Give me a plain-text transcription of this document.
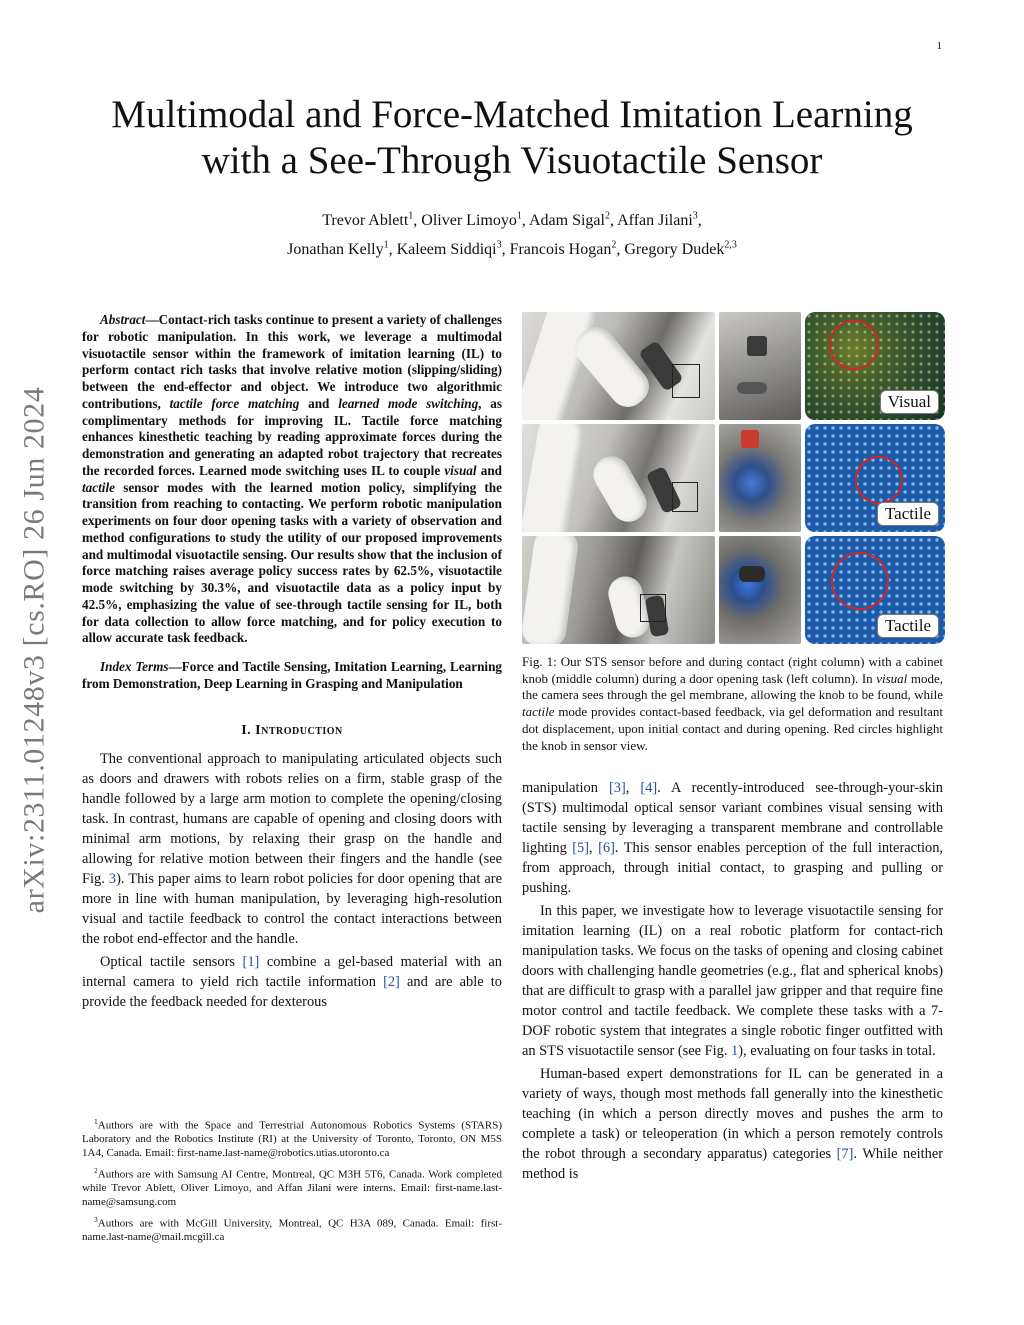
1
arXiv:2311.01248v3 [cs.RO] 26 Jun 2024
Multimodal and Force-Matched Imitation Learning
with a See-Through Visuotactile Sensor
Trevor Ablett$^1$, Oliver Limoyo$^1$, Adam Sigal$^2$, Affan Jilani$^3$,
Jonathan Kelly$^1$, Kaleem Siddiqi$^3$, Francois Hogan$^2$, Gregory Dudek$^{2,3}$

Abstract—Contact-rich tasks continue to present a variety of challenges for robotic manipulation. In this work, we leverage a multimodal visuotactile sensor within the framework of imitation learning (IL) to perform contact rich tasks that involve relative motion (slipping/sliding) between the end-effector and object. We introduce two algorithmic contributions, tactile force matching and learned mode switching, as complimentary methods for improving IL. Tactile force matching enhances kinesthetic teaching by reading approximate forces during the demonstration and generating an adapted robot trajectory that recreates the recorded forces. Learned mode switching uses IL to couple visual and tactile sensor modes with the learned motion policy, simplifying the transition from reaching to contacting. We perform robotic manipulation experiments on four door opening tasks with a variety of observation and method configurations to study the utility of our proposed improvements and multimodal visuotactile sensing. Our results show that the inclusion of force matching raises average policy success rates by 62.5%, visuotactile mode switching by 30.3%, and visuotactile data as a policy input by 42.5%, emphasizing the value of see-through tactile sensing for IL, both for data collection to allow force matching, and for policy execution to allow accurate task feedback.

Index Terms—Force and Tactile Sensing, Imitation Learning, Learning from Demonstration, Deep Learning in Grasping and Manipulation

I. Introduction

The conventional approach to manipulating articulated objects such as doors and drawers with robots relies on a firm, stable grasp of the handle followed by a large arm motion to complete the opening/closing task. In contrast, humans are capable of opening and closing doors with minimal arm motions, by relaxing their grasp on the handle and allowing for relative motion between their fingers and the handle (see Fig. 3). This paper aims to learn robot policies for door opening that are more in line with human manipulation, by leveraging high-resolution visual and tactile feedback to control the contact interactions between the robot end-effector and the handle.

Optical tactile sensors [1] combine a gel-based material with an internal camera to yield rich tactile information [2] and are able to provide the feedback needed for dexterous

$^1$Authors are with the Space and Terrestrial Autonomous Robotics Systems (STARS) Laboratory and the Robotics Institute (RI) at the University of Toronto, Toronto, ON M5S 1A4, Canada. Email: first-name.last-name@robotics.utias.utoronto.ca

$^2$Authors are with Samsung AI Centre, Montreal, QC M3H 5T6, Canada. Work completed while Trevor Ablett, Oliver Limoyo, and Affan Jilani were interns. Email: first-name.last-name@samsung.com

$^3$Authors are with McGill University, Montreal, QC H3A 089, Canada. Email: first-name.last-name@mail.mcgill.ca

Visual
Tactile
Tactile

Fig. 1: Our STS sensor before and during contact (right column) with a cabinet knob (middle column) during a door opening task (left column). In visual mode, the camera sees through the gel membrane, allowing the knob to be found, while tactile mode provides contact-based feedback, via gel deformation and resultant dot displacement, upon initial contact and during opening. Red circles highlight the knob in sensor view.

manipulation [3], [4]. A recently-introduced see-through-your-skin (STS) multimodal optical sensor variant combines visual sensing with tactile sensing by leveraging a transparent membrane and controllable lighting [5], [6]. This sensor enables perception of the full interaction, from approach, through initial contact, to grasping and pulling or pushing.

In this paper, we investigate how to leverage visuotactile sensing for imitation learning (IL) on a real robotic platform for contact-rich manipulation tasks. We focus on the tasks of opening and closing cabinet doors with challenging handle geometries (e.g., flat and spherical knobs) that are difficult to grasp with a parallel jaw gripper and that require fine motor control and tactile feedback. We complete these tasks with a 7-DOF robotic system that integrates a single robotic finger outfitted with an STS visuotactile sensor (see Fig. 1), evaluating on four tasks in total.

Human-based expert demonstrations for IL can be generated in a variety of ways, though most methods fall generally into the kinesthetic teaching (in which a person directly moves and pushes the arm to complete a task) or teleoperation (in which a person remotely controls the robot through a secondary apparatus) categories [7]. While neither method is
